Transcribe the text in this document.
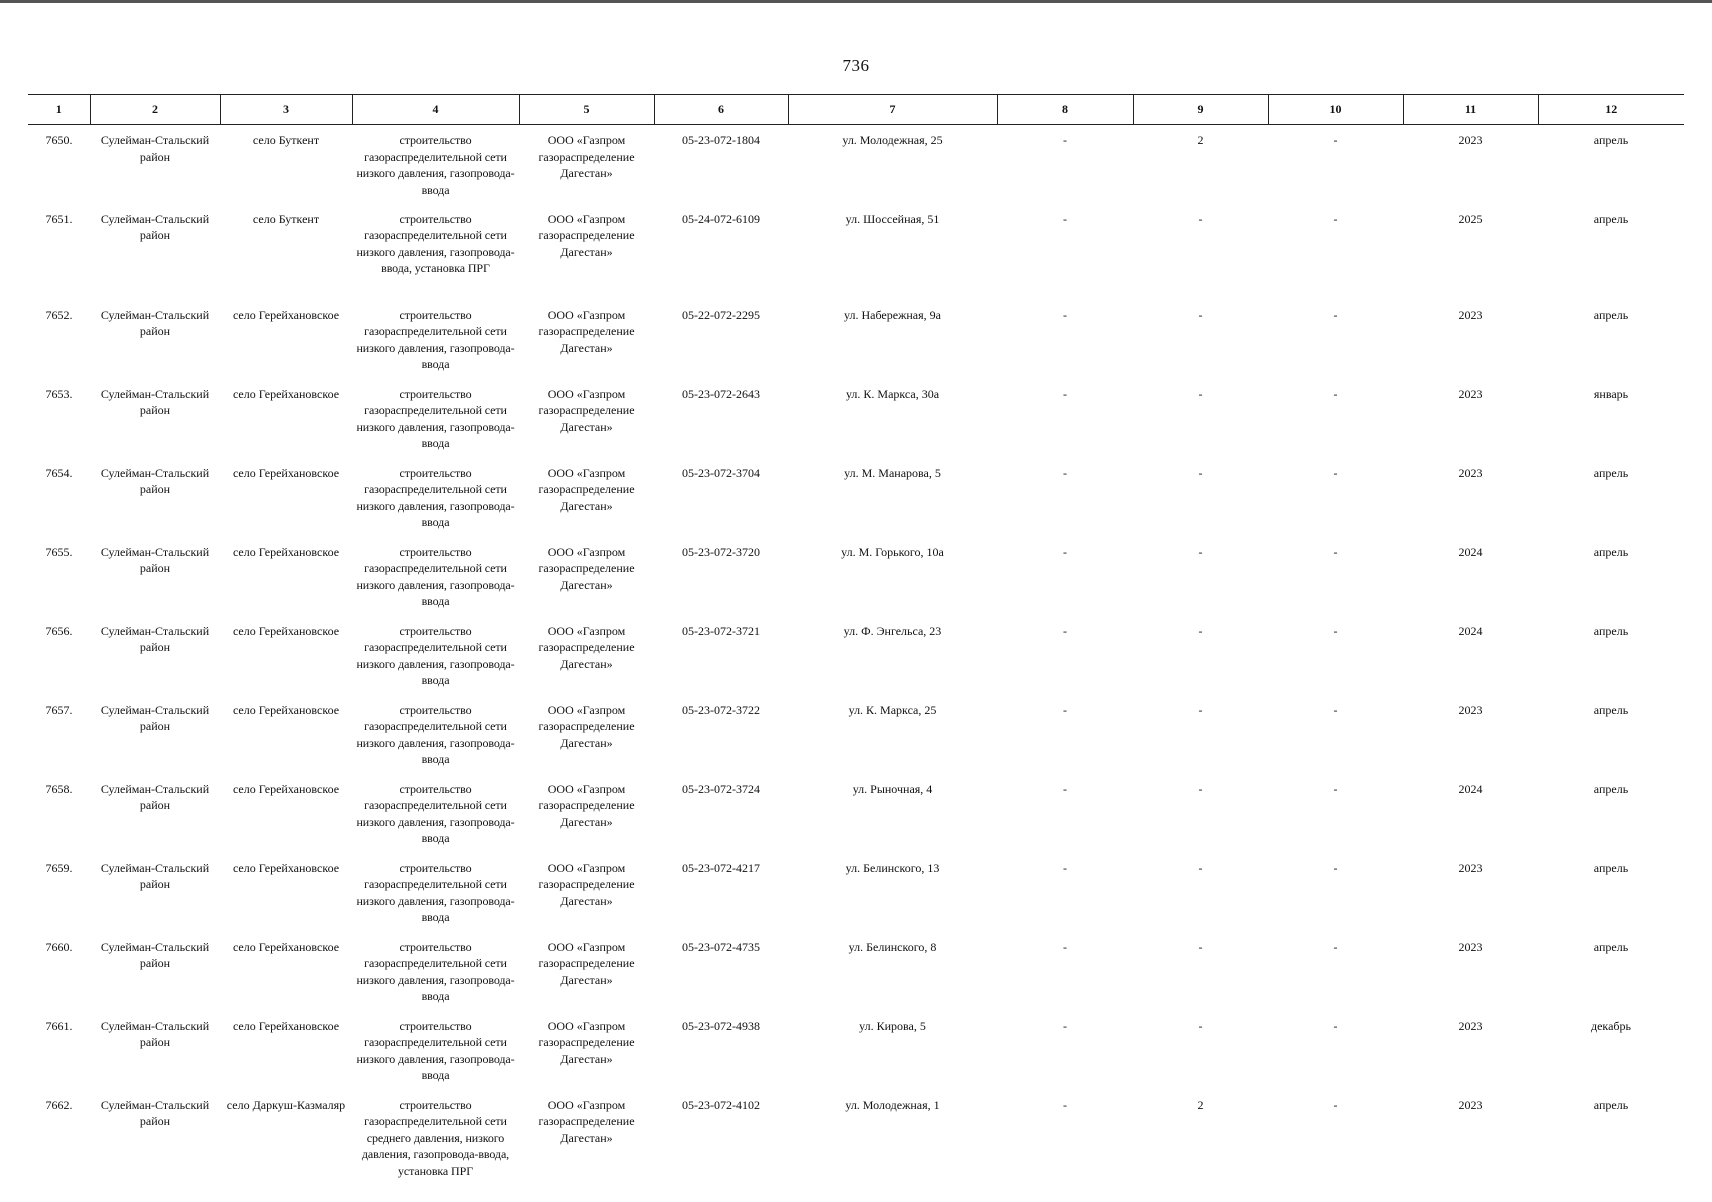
736
1	2	3	4	5	6	7	8	9	10	11	12
7650.	Сулейман-Стальский район	село Буткент	строительство газораспределительной сети низкого давления, газопровода-ввода	ООО «Газпром газораспределение Дагестан»	05-23-072-1804	ул. Молодежная, 25	-	2	-	2023	апрель
7651.	Сулейман-Стальский район	село Буткент	строительство газораспределительной сети низкого давления, газопровода-ввода, установка ПРГ	ООО «Газпром газораспределение Дагестан»	05-24-072-6109	ул. Шоссейная, 51	-	-	-	2025	апрель
7652.	Сулейман-Стальский район	село Герейхановское	строительство газораспределительной сети низкого давления, газопровода-ввода	ООО «Газпром газораспределение Дагестан»	05-22-072-2295	ул. Набережная, 9а	-	-	-	2023	апрель
7653.	Сулейман-Стальский район	село Герейхановское	строительство газораспределительной сети низкого давления, газопровода-ввода	ООО «Газпром газораспределение Дагестан»	05-23-072-2643	ул. К. Маркса, 30а	-	-	-	2023	январь
7654.	Сулейман-Стальский район	село Герейхановское	строительство газораспределительной сети низкого давления, газопровода-ввода	ООО «Газпром газораспределение Дагестан»	05-23-072-3704	ул. М. Манарова, 5	-	-	-	2023	апрель
7655.	Сулейман-Стальский район	село Герейхановское	строительство газораспределительной сети низкого давления, газопровода-ввода	ООО «Газпром газораспределение Дагестан»	05-23-072-3720	ул. М. Горького, 10а	-	-	-	2024	апрель
7656.	Сулейман-Стальский район	село Герейхановское	строительство газораспределительной сети низкого давления, газопровода-ввода	ООО «Газпром газораспределение Дагестан»	05-23-072-3721	ул. Ф. Энгельса, 23	-	-	-	2024	апрель
7657.	Сулейман-Стальский район	село Герейхановское	строительство газораспределительной сети низкого давления, газопровода-ввода	ООО «Газпром газораспределение Дагестан»	05-23-072-3722	ул. К. Маркса, 25	-	-	-	2023	апрель
7658.	Сулейман-Стальский район	село Герейхановское	строительство газораспределительной сети низкого давления, газопровода-ввода	ООО «Газпром газораспределение Дагестан»	05-23-072-3724	ул. Рыночная, 4	-	-	-	2024	апрель
7659.	Сулейман-Стальский район	село Герейхановское	строительство газораспределительной сети низкого давления, газопровода-ввода	ООО «Газпром газораспределение Дагестан»	05-23-072-4217	ул. Белинского, 13	-	-	-	2023	апрель
7660.	Сулейман-Стальский район	село Герейхановское	строительство газораспределительной сети низкого давления, газопровода-ввода	ООО «Газпром газораспределение Дагестан»	05-23-072-4735	ул. Белинского, 8	-	-	-	2023	апрель
7661.	Сулейман-Стальский район	село Герейхановское	строительство газораспределительной сети низкого давления, газопровода-ввода	ООО «Газпром газораспределение Дагестан»	05-23-072-4938	ул. Кирова, 5	-	-	-	2023	декабрь
7662.	Сулейман-Стальский район	село Даркуш-Казмаляр	строительство газораспределительной сети среднего давления, низкого давления, газопровода-ввода, установка ПРГ	ООО «Газпром газораспределение Дагестан»	05-23-072-4102	ул. Молодежная, 1	-	2	-	2023	апрель
